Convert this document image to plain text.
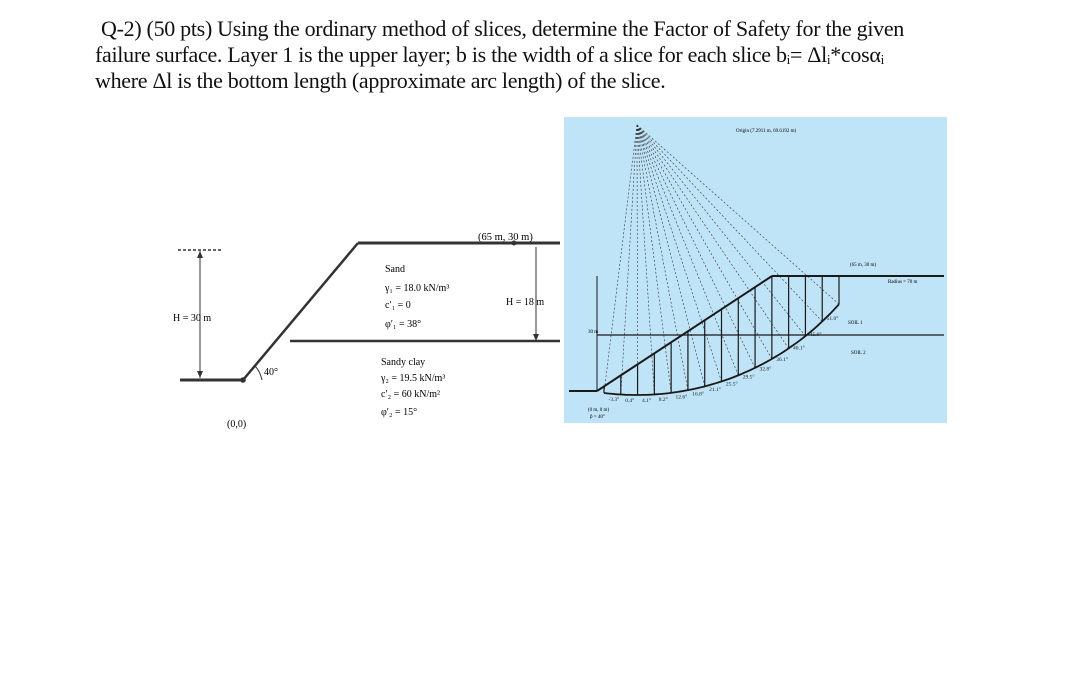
Q-2) (50 pts) Using the ordinary method of slices, determine the Factor of Safety for the given
failure surface. Layer 1 is the upper layer; b is the width of a slice for each slice bᵢ= Δlᵢ*cosαᵢ
where Δl is the bottom length (approximate arc length) of the slice.
H = 30 m
H = 18 m
(65 m, 30 m)
40°
(0,0)
Sand
γ₁ = 18.0 kN/m³
c′₁ = 0
φ′₁ = 38°
Sandy clay
γ₂ = 19.5 kN/m³
c′₂ = 60 kN/m²
φ′₂ = 15°
-3.3° 0.4° 4.1° 8.2° 12.6°
16.8°
21.1°
25.5°
29.5°
32.8°
36.1°
40.1°
45.6°
51.0°
Origin (7.2911 m, 69.6192 m)
(65 m, 30 m)
Radius = 70 m
SOIL 1
SOIL 2
30 m
(0 m, 0 m)
β = 40°
